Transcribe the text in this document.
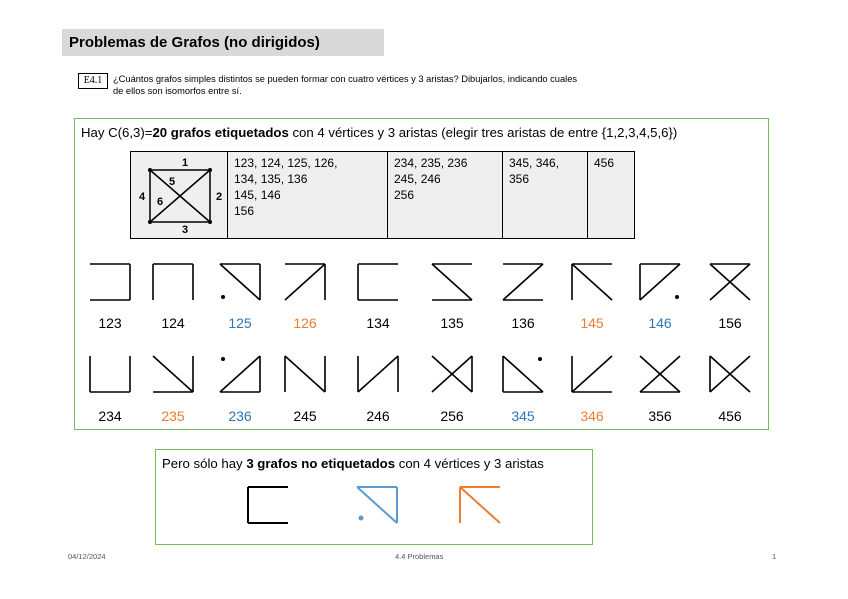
Problemas de Grafos (no dirigidos)
E4.1	¿Cuántos grafos simples distintos se pueden formar con cuatro vértices y 3 aristas? Dibujarlos, indicando cuales
de ellos son isomorfos entre sí.
Hay C(6,3)=20 grafos etiquetados con 4 vértices y 3 aristas (elegir tres aristas de entre {1,2,3,4,5,6})
1
2
3
4
5
6

123, 124, 125, 126,
134, 135, 136
145, 146
156

234, 235, 236
245, 246
256

345, 346,
356

456
123	124	125	126	134	135	136	145	146	156
234	235	236	245	246	256	345	346	356	456
Pero sólo hay 3 grafos no etiquetados con 4 vértices y 3 aristas
04/12/2024	4.4 Problemas	1
